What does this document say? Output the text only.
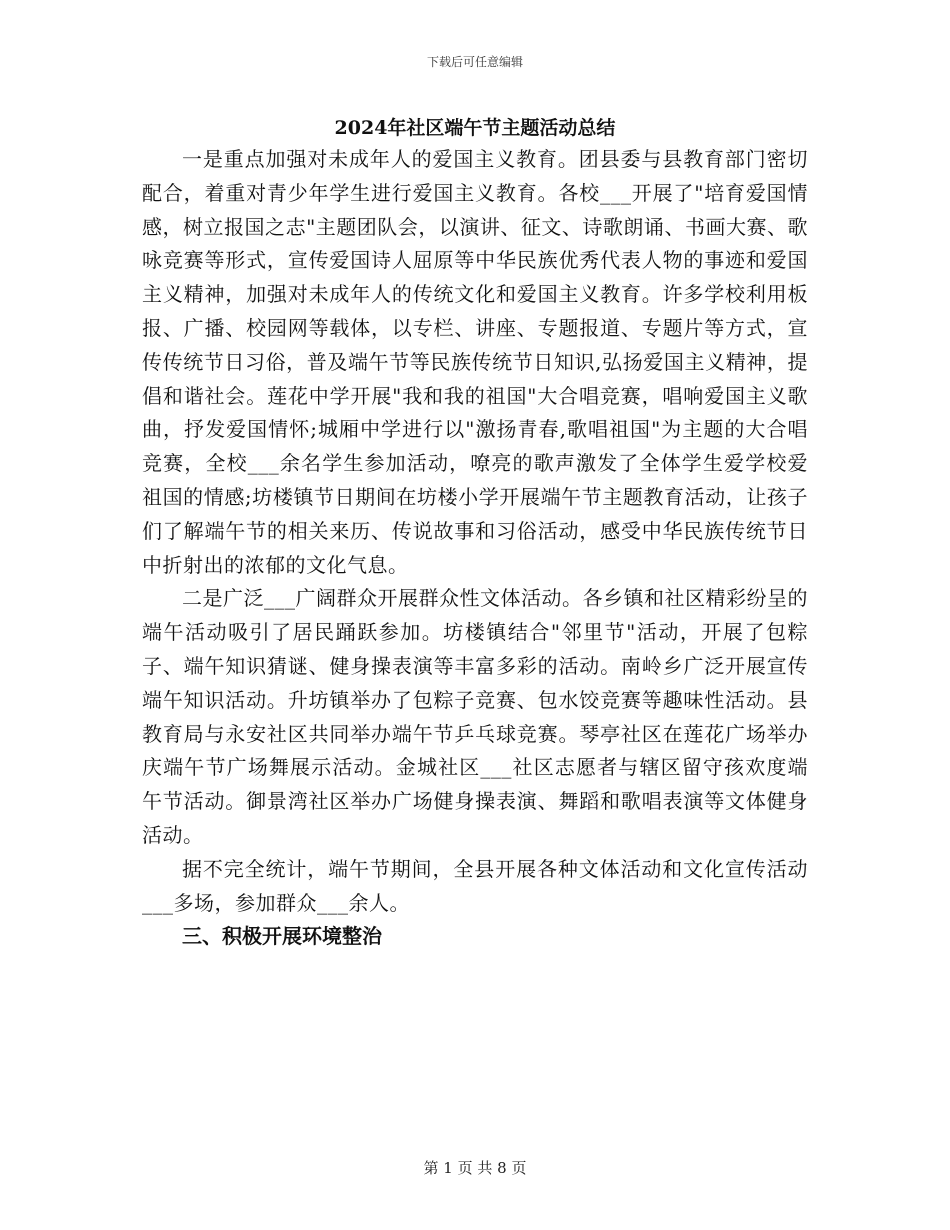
下载后可任意编辑
2024年社区端午节主题活动总结

一是重点加强对未成年人的爱国主义教育。团县委与县教育部门密切配合，着重对青少年学生进行爱国主义教育。各校___开展了"培育爱国情感，树立报国之志"主题团队会，以演讲、征文、诗歌朗诵、书画大赛、歌咏竞赛等形式，宣传爱国诗人屈原等中华民族优秀代表人物的事迹和爱国主义精神，加强对未成年人的传统文化和爱国主义教育。许多学校利用板报、广播、校园网等载体，以专栏、讲座、专题报道、专题片等方式，宣传传统节日习俗，普及端午节等民族传统节日知识,弘扬爱国主义精神，提倡和谐社会。莲花中学开展"我和我的祖国"大合唱竞赛，唱响爱国主义歌曲，抒发爱国情怀;城厢中学进行以"激扬青春,歌唱祖国"为主题的大合唱竞赛，全校___余名学生参加活动，嘹亮的歌声激发了全体学生爱学校爱祖国的情感;坊楼镇节日期间在坊楼小学开展端午节主题教育活动，让孩子们了解端午节的相关来历、传说故事和习俗活动，感受中华民族传统节日中折射出的浓郁的文化气息。

二是广泛___广阔群众开展群众性文体活动。各乡镇和社区精彩纷呈的端午活动吸引了居民踊跃参加。坊楼镇结合"邻里节"活动，开展了包粽子、端午知识猜谜、健身操表演等丰富多彩的活动。南岭乡广泛开展宣传端午知识活动。升坊镇举办了包粽子竞赛、包水饺竞赛等趣味性活动。县教育局与永安社区共同举办端午节乒乓球竞赛。琴亭社区在莲花广场举办庆端午节广场舞展示活动。金城社区___社区志愿者与辖区留守孩欢度端午节活动。御景湾社区举办广场健身操表演、舞蹈和歌唱表演等文体健身活动。

据不完全统计，端午节期间，全县开展各种文体活动和文化宣传活动___多场，参加群众___余人。

三、积极开展环境整治
第 1 页 共 8 页
